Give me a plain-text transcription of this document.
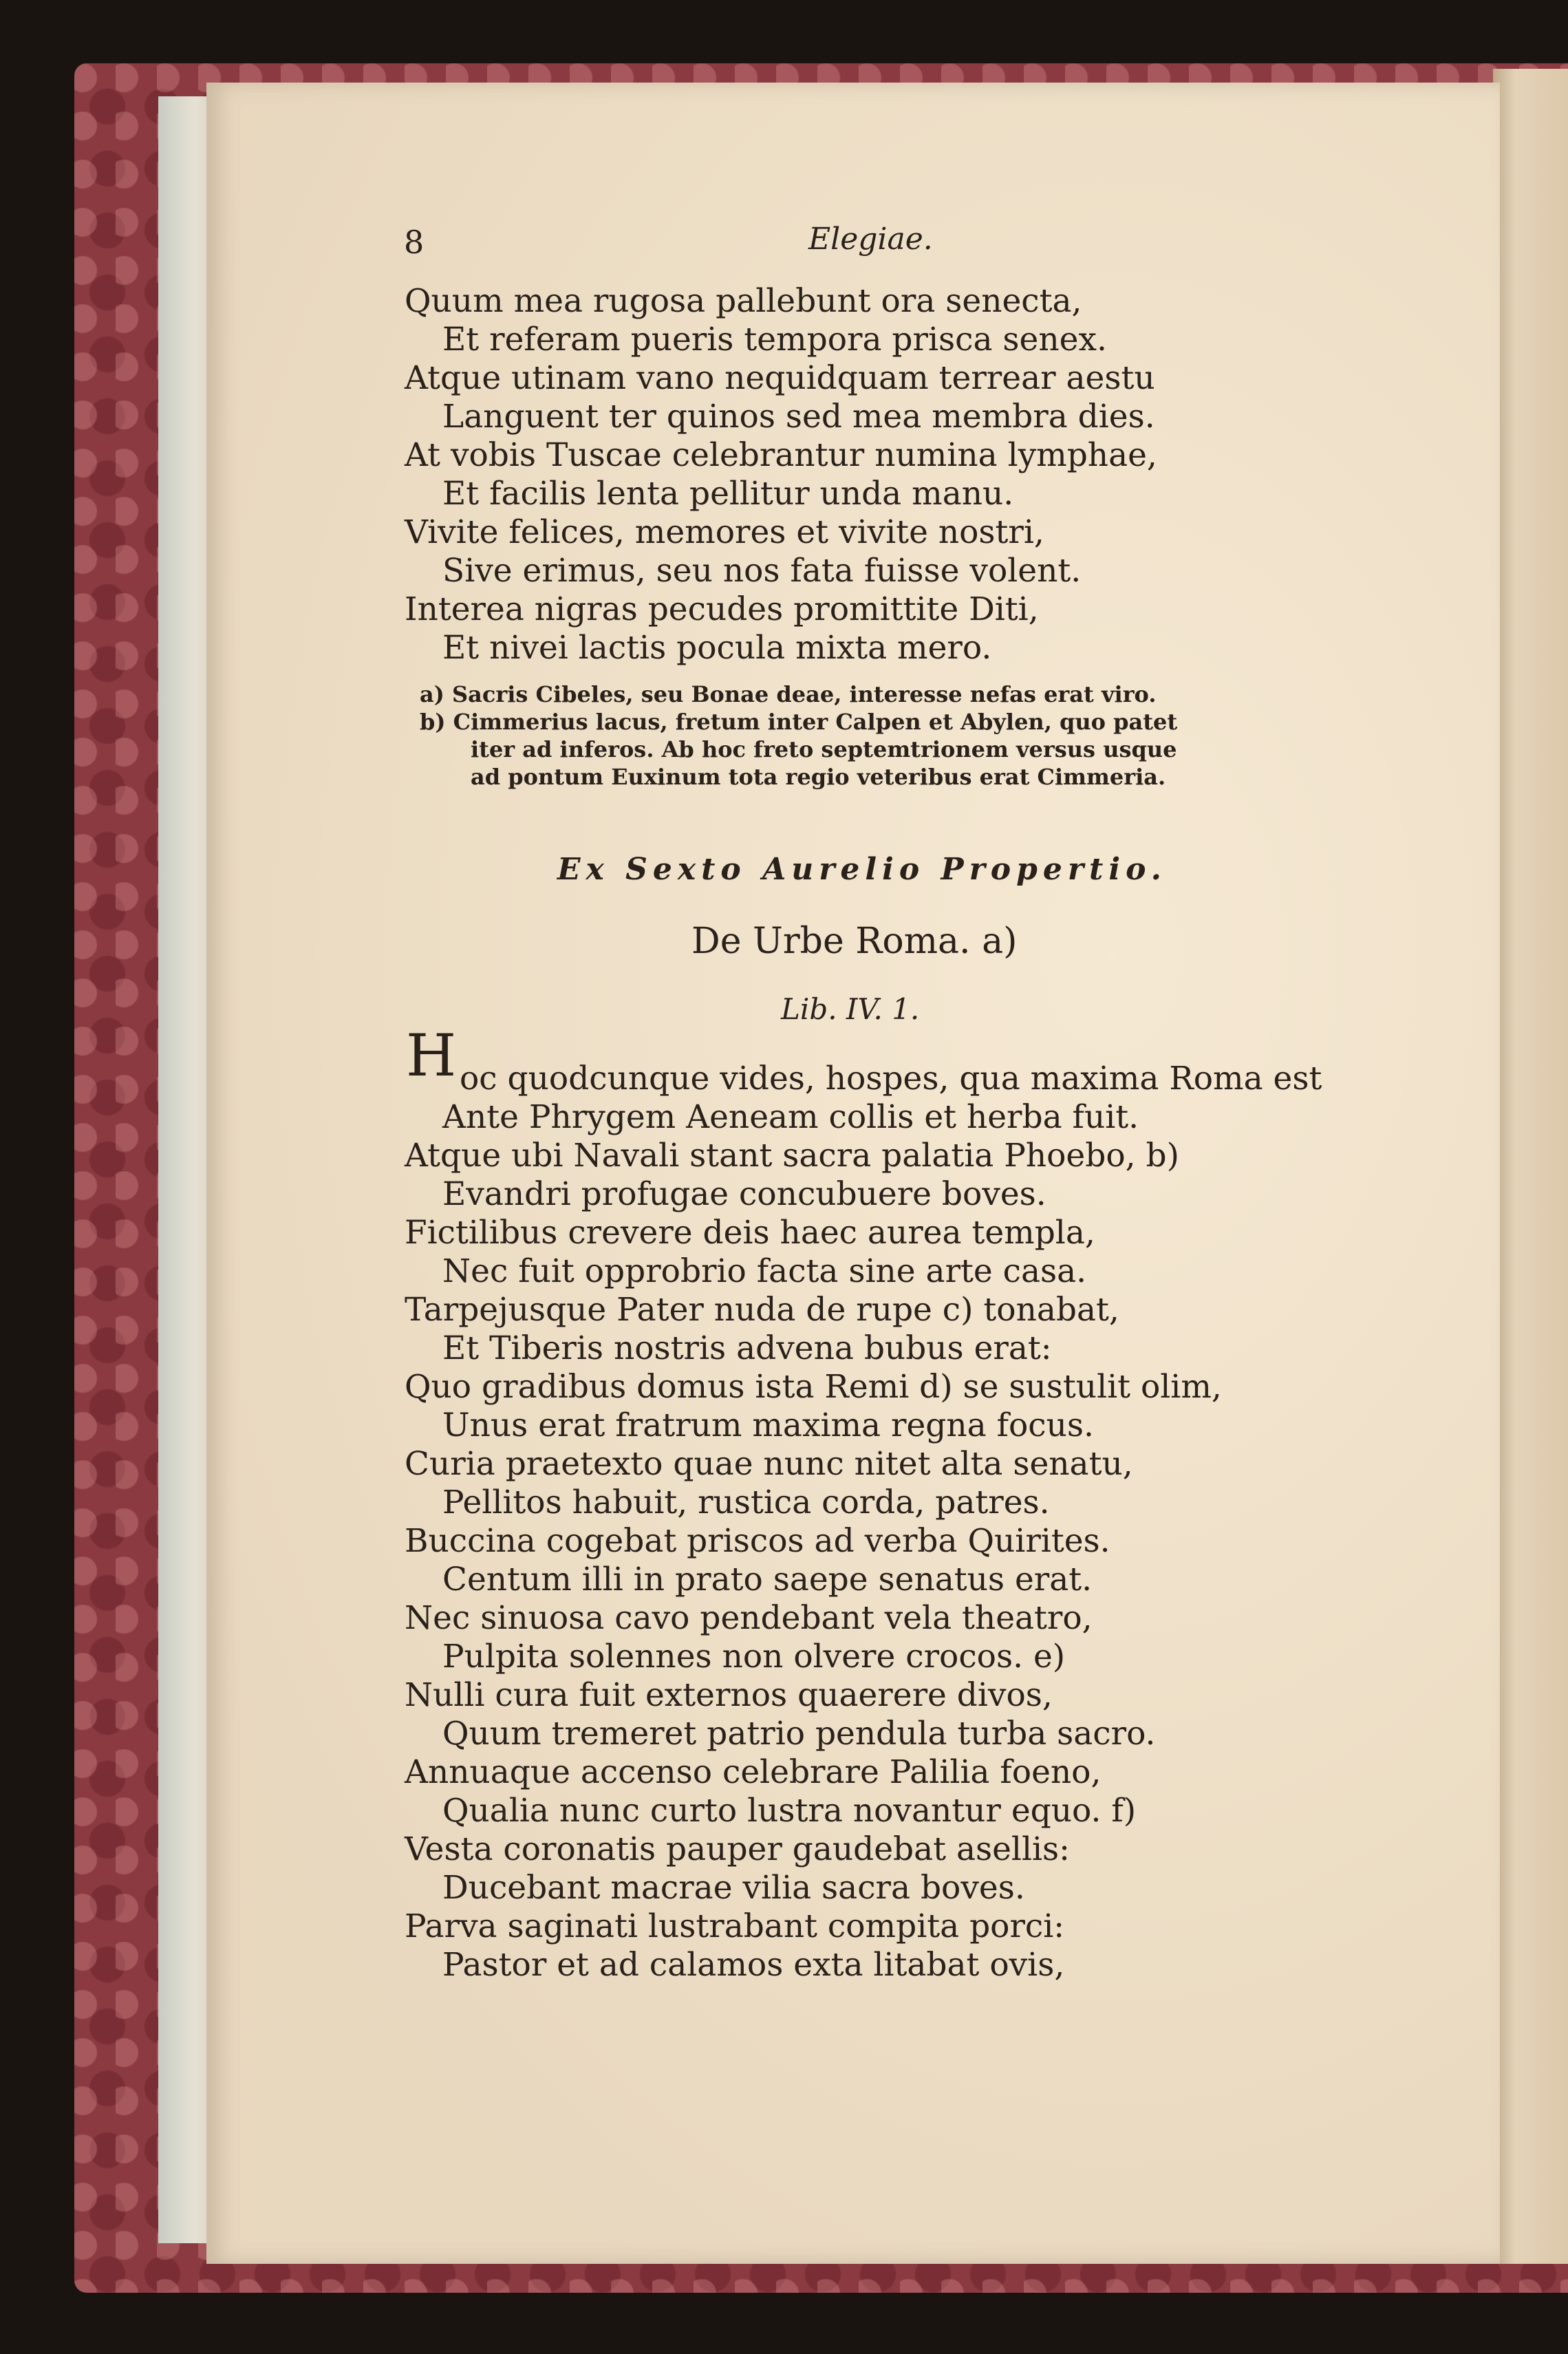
8	Elegiae.
Quum mea rugosa pallebunt ora senecta,
Et referam pueris tempora prisca senex.
Atque utinam vano nequidquam terrear aestu
Languent ter quinos sed mea membra dies.
At vobis Tuscae celebrantur numina lymphae,
Et facilis lenta pellitur unda manu.
Vivite felices, memores et vivite nostri,
Sive erimus, seu nos fata fuisse volent.
Interea nigras pecudes promittite Diti,
Et nivei lactis pocula mixta mero.
a) Sacris Cibeles, seu Bonae deae, interesse nefas erat viro.
b) Cimmerius lacus, fretum inter Calpen et Abylen, quo patet
iter ad inferos. Ab hoc freto septemtrionem versus usque
ad pontum Euxinum tota regio veteribus erat Cimmeria.
Ex Sexto Aurelio Propertio.
De Urbe Roma. a)
Lib. IV. 1.
H oc quodcunque vides, hospes, qua maxima Roma est
Ante Phrygem Aeneam collis et herba fuit.
Atque ubi Navali stant sacra palatia Phoebo, b)
Evandri profugae concubuere boves.
Fictilibus crevere deis haec aurea templa,
Nec fuit opprobrio facta sine arte casa.
Tarpejusque Pater nuda de rupe c) tonabat,
Et Tiberis nostris advena bubus erat:
Quo gradibus domus ista Remi d) se sustulit olim,
Unus erat fratrum maxima regna focus.
Curia praetexto quae nunc nitet alta senatu,
Pellitos habuit, rustica corda, patres.
Buccina cogebat priscos ad verba Quirites.
Centum illi in prato saepe senatus erat.
Nec sinuosa cavo pendebant vela theatro,
Pulpita solennes non olvere crocos. e)
Nulli cura fuit externos quaerere divos,
Quum tremeret patrio pendula turba sacro.
Annuaque accenso celebrare Palilia foeno,
Qualia nunc curto lustra novantur equo. f)
Vesta coronatis pauper gaudebat asellis:
Ducebant macrae vilia sacra boves.
Parva saginati lustrabant compita porci:
Pastor et ad calamos exta litabat ovis,
